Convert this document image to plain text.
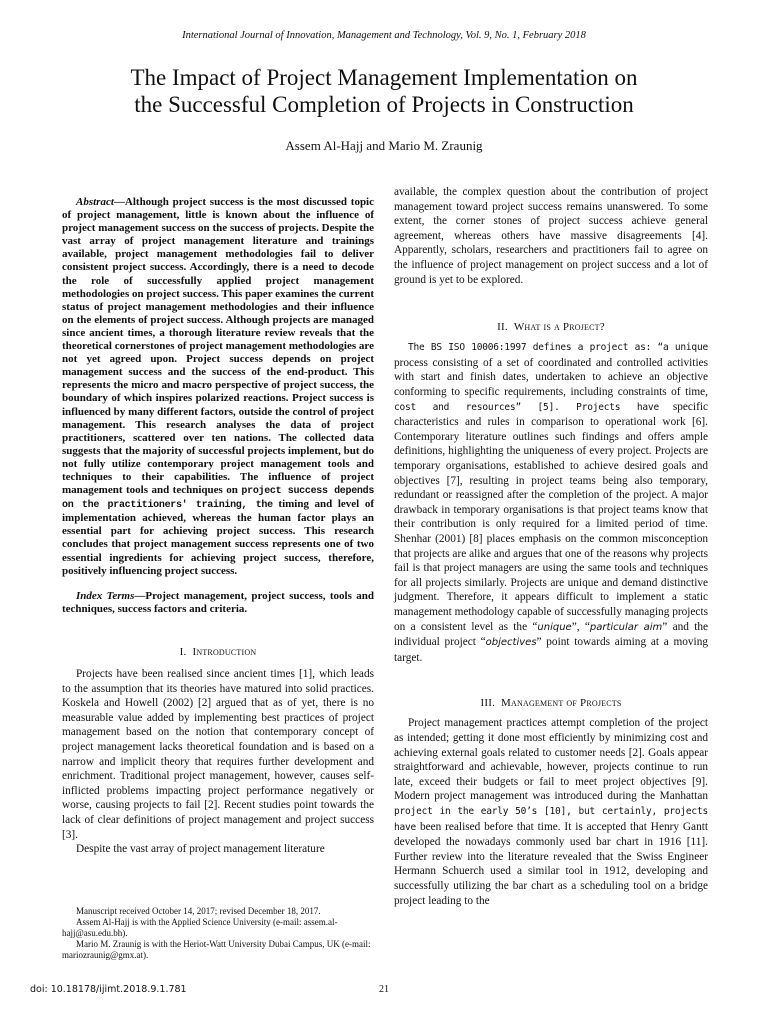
International Journal of Innovation, Management and Technology, Vol. 9, No. 1, February 2018
The Impact of Project Management Implementation on
the Successful Completion of Projects in Construction
Assem Al-Hajj and Mario M. Zraunig

Abstract—Although project success is the most discussed topic of project management, little is known about the influence of project management success on the success of projects. Despite the vast array of project management literature and trainings available, project management methodologies fail to deliver consistent project success. Accordingly, there is a need to decode the role of successfully applied project management methodologies on project success. This paper examines the current status of project management methodologies and their influence on the elements of project success. Although projects are managed since ancient times, a thorough literature review reveals that the theoretical cornerstones of project management methodologies are not yet agreed upon. Project success depends on project management success and the success of the end-product. This represents the micro and macro perspective of project success, the boundary of which inspires polarized reactions. Project success is influenced by many different factors, outside the control of project management. This research analyses the data of project practitioners, scattered over ten nations. The collected data suggests that the majority of successful projects implement, but do not fully utilize contemporary project management tools and techniques to their capabilities. The influence of project management tools and techniques on project success depends on the practitioners' training, the timing and level of implementation achieved, whereas the human factor plays an essential part for achieving project success. This research concludes that project management success represents one of two essential ingredients for achieving project success, therefore, positively influencing project success.

Index Terms—Project management, project success, tools and techniques, success factors and criteria.

I. Introduction

Projects have been realised since ancient times [1], which leads to the assumption that its theories have matured into solid practices. Koskela and Howell (2002) [2] argued that as of yet, there is no measurable value added by implementing best practices of project management based on the notion that contemporary concept of project management lacks theoretical foundation and is based on a narrow and implicit theory that requires further development and enrichment. Traditional project management, however, causes self-inflicted problems impacting project performance negatively or worse, causing projects to fail [2]. Recent studies point towards the lack of clear definitions of project management and project success [3].

Despite the vast array of project management literature

available, the complex question about the contribution of project management toward project success remains unanswered. To some extent, the corner stones of project success achieve general agreement, whereas others have massive disagreements [4]. Apparently, scholars, researchers and practitioners fail to agree on the influence of project management on project success and a lot of ground is yet to be explored.

II. What is a Project?

The BS ISO 10006:1997 defines a project as: “a unique process consisting of a set of coordinated and controlled activities with start and finish dates, undertaken to achieve an objective conforming to specific requirements, including constraints of time, cost and resources” [5]. Projects have specific characteristics and rules in comparison to operational work [6]. Contemporary literature outlines such findings and offers ample definitions, highlighting the uniqueness of every project. Projects are temporary organisations, established to achieve desired goals and objectives [7], resulting in project teams being also temporary, redundant or reassigned after the completion of the project. A major drawback in temporary organisations is that project teams know that their contribution is only required for a limited period of time. Shenhar (2001) [8] places emphasis on the common misconception that projects are alike and argues that one of the reasons why projects fail is that project managers are using the same tools and techniques for all projects similarly. Projects are unique and demand distinctive judgment. Therefore, it appears difficult to implement a static management methodology capable of successfully managing projects on a consistent level as the “unique”, “particular aim” and the individual project “objectives” point towards aiming at a moving target.

III. Management of Projects

Project management practices attempt completion of the project as intended; getting it done most efficiently by minimizing cost and achieving external goals related to customer needs [2]. Goals appear straightforward and achievable, however, projects continue to run late, exceed their budgets or fail to meet project objectives [9]. Modern project management was introduced during the Manhattan project in the early 50’s [10], but certainly, projects have been realised before that time. It is accepted that Henry Gantt developed the nowadays commonly used bar chart in 1916 [11]. Further review into the literature revealed that the Swiss Engineer Hermann Schuerch used a similar tool in 1912, developing and successfully utilizing the bar chart as a scheduling tool on a bridge project leading to the

Manuscript received October 14, 2017; revised December 18, 2017.

Assem Al-Hajj is with the Applied Science University (e-mail: assem.al-hajj@asu.edu.bh).

Mario M. Zraunig is with the Heriot-Watt University Dubai Campus, UK (e-mail: mariozraunig@gmx.at).

doi: 10.18178/ijimt.2018.9.1.781	21
